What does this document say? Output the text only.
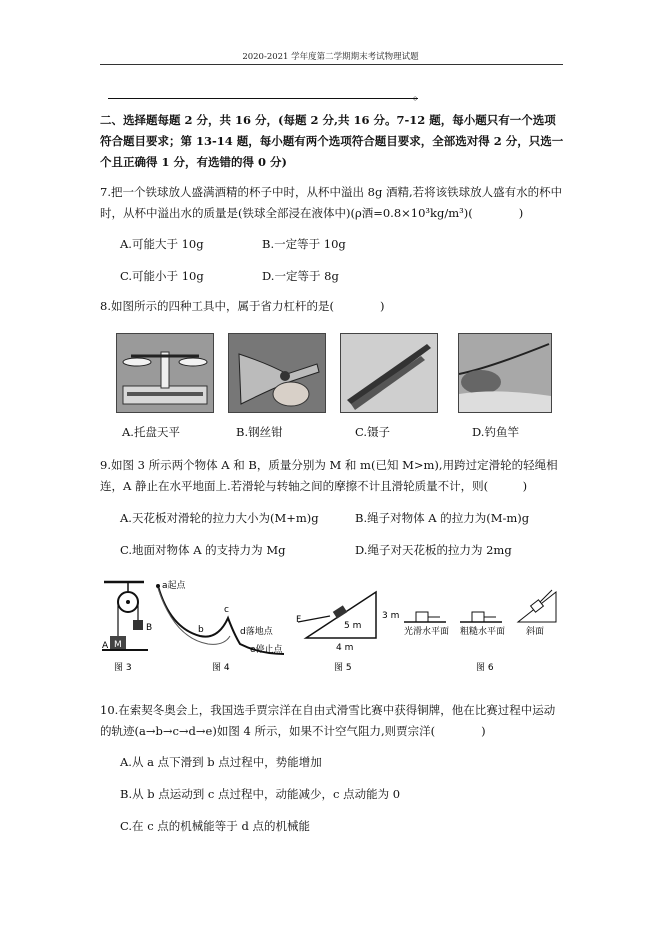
2020-2021 学年度第二学期期末考试物理试题
。
二、选择题每题 2 分，共 16 分，(每题 2 分,共 16 分。7-12 题，每小题只有一个选项符合题目要求；第 13-14 题，每小题有两个选项符合题目要求，全部选对得 2 分，只选一个且正确得 1 分，有选错的得 0 分)
7.把一个铁球放人盛满酒精的杯子中时，从杯中溢出 8g 酒精,若将该铁球放人盛有水的杯中时，从杯中溢出水的质量是(铁球全部浸在液体中)(ρ酒=0.8×10³kg/m³)(　　　　)
A.可能大于 10g	B.一定等于 10g
C.可能小于 10g	D.一定等于 8g
8.如图所示的四种工具中，属于省力杠杆的是(　　　　)
A.托盘天平	B.钢丝钳	C.镊子	D.钓鱼竿
9.如图 3 所示两个物体 A 和 B，质量分别为 M 和 m(已知 M>m),用跨过定滑轮的轻绳相连，A 静止在水平地面上.若滑轮与转轴之间的摩擦不计且滑轮质量不计，则(　　　)
A.天花板对滑轮的拉力大小为(M+m)g	B.绳子对物体 A 的拉力为(M-m)g
C.地面对物体 A 的支持力为 Mg	D.绳子对天花板的拉力为 2mg
B
A M
图 3
a起点
b
c
d落地点
e停止点
图 4
F
5 m
3 m
4 m
图 5
光滑水平面 粗糙水平面 斜面
图 6
10.在索契冬奥会上，我国选手贾宗洋在自由式滑雪比赛中获得铜牌，他在比赛过程中运动的轨迹(a→b→c→d→e)如图 4 所示，如果不计空气阻力,则贾宗洋(　　　　)
A.从 a 点下滑到 b 点过程中，势能增加
B.从 b 点运动到 c 点过程中，动能减少，c 点动能为 0
C.在 c 点的机械能等于 d 点的机械能
